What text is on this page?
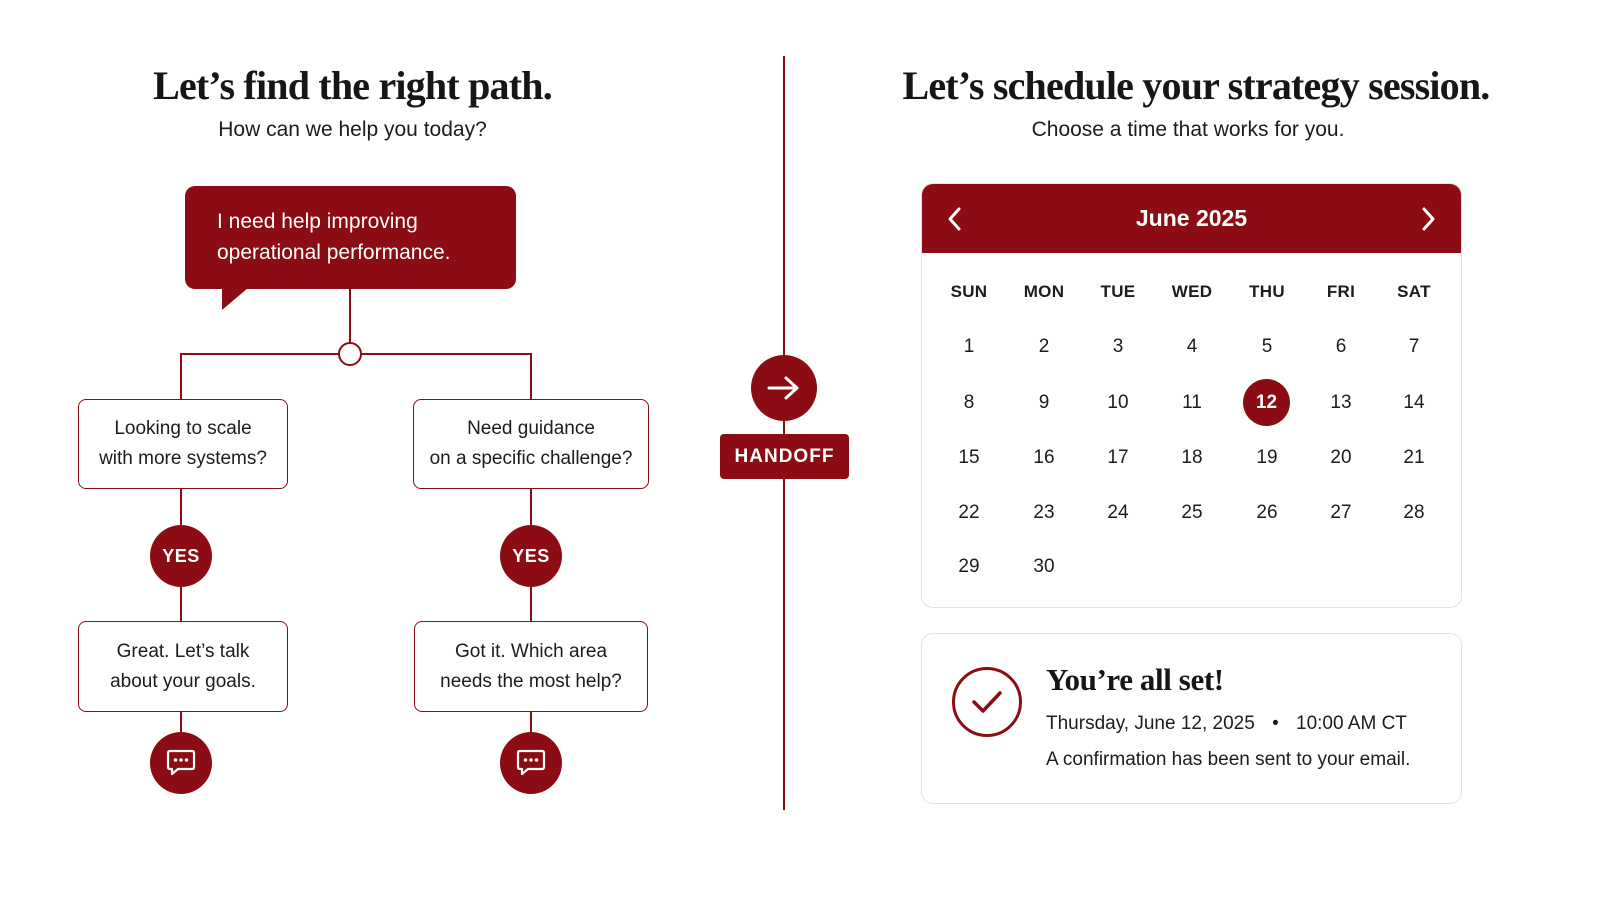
Let’s find the right path.
How can we help you today?
I need help improving
operational performance.
Looking to scale
with more systems?
YES
Great. Let’s talk
about your goals.
Need guidance
on a specific challenge?
YES
Got it. Which area
needs the most help?
HANDOFF
Let’s schedule your strategy session.
Choose a time that works for you.
June 2025
SUN	MON	TUE	WED	THU	FRI	SAT
1	2	3	4	5	6	7
8	9	10	11	12	13	14
15	16	17	18	19	20	21
22	23	24	25	26	27	28
29	30
You’re all set!
Thursday, June 12, 2025 • 10:00 AM CT
A confirmation has been sent to your email.
